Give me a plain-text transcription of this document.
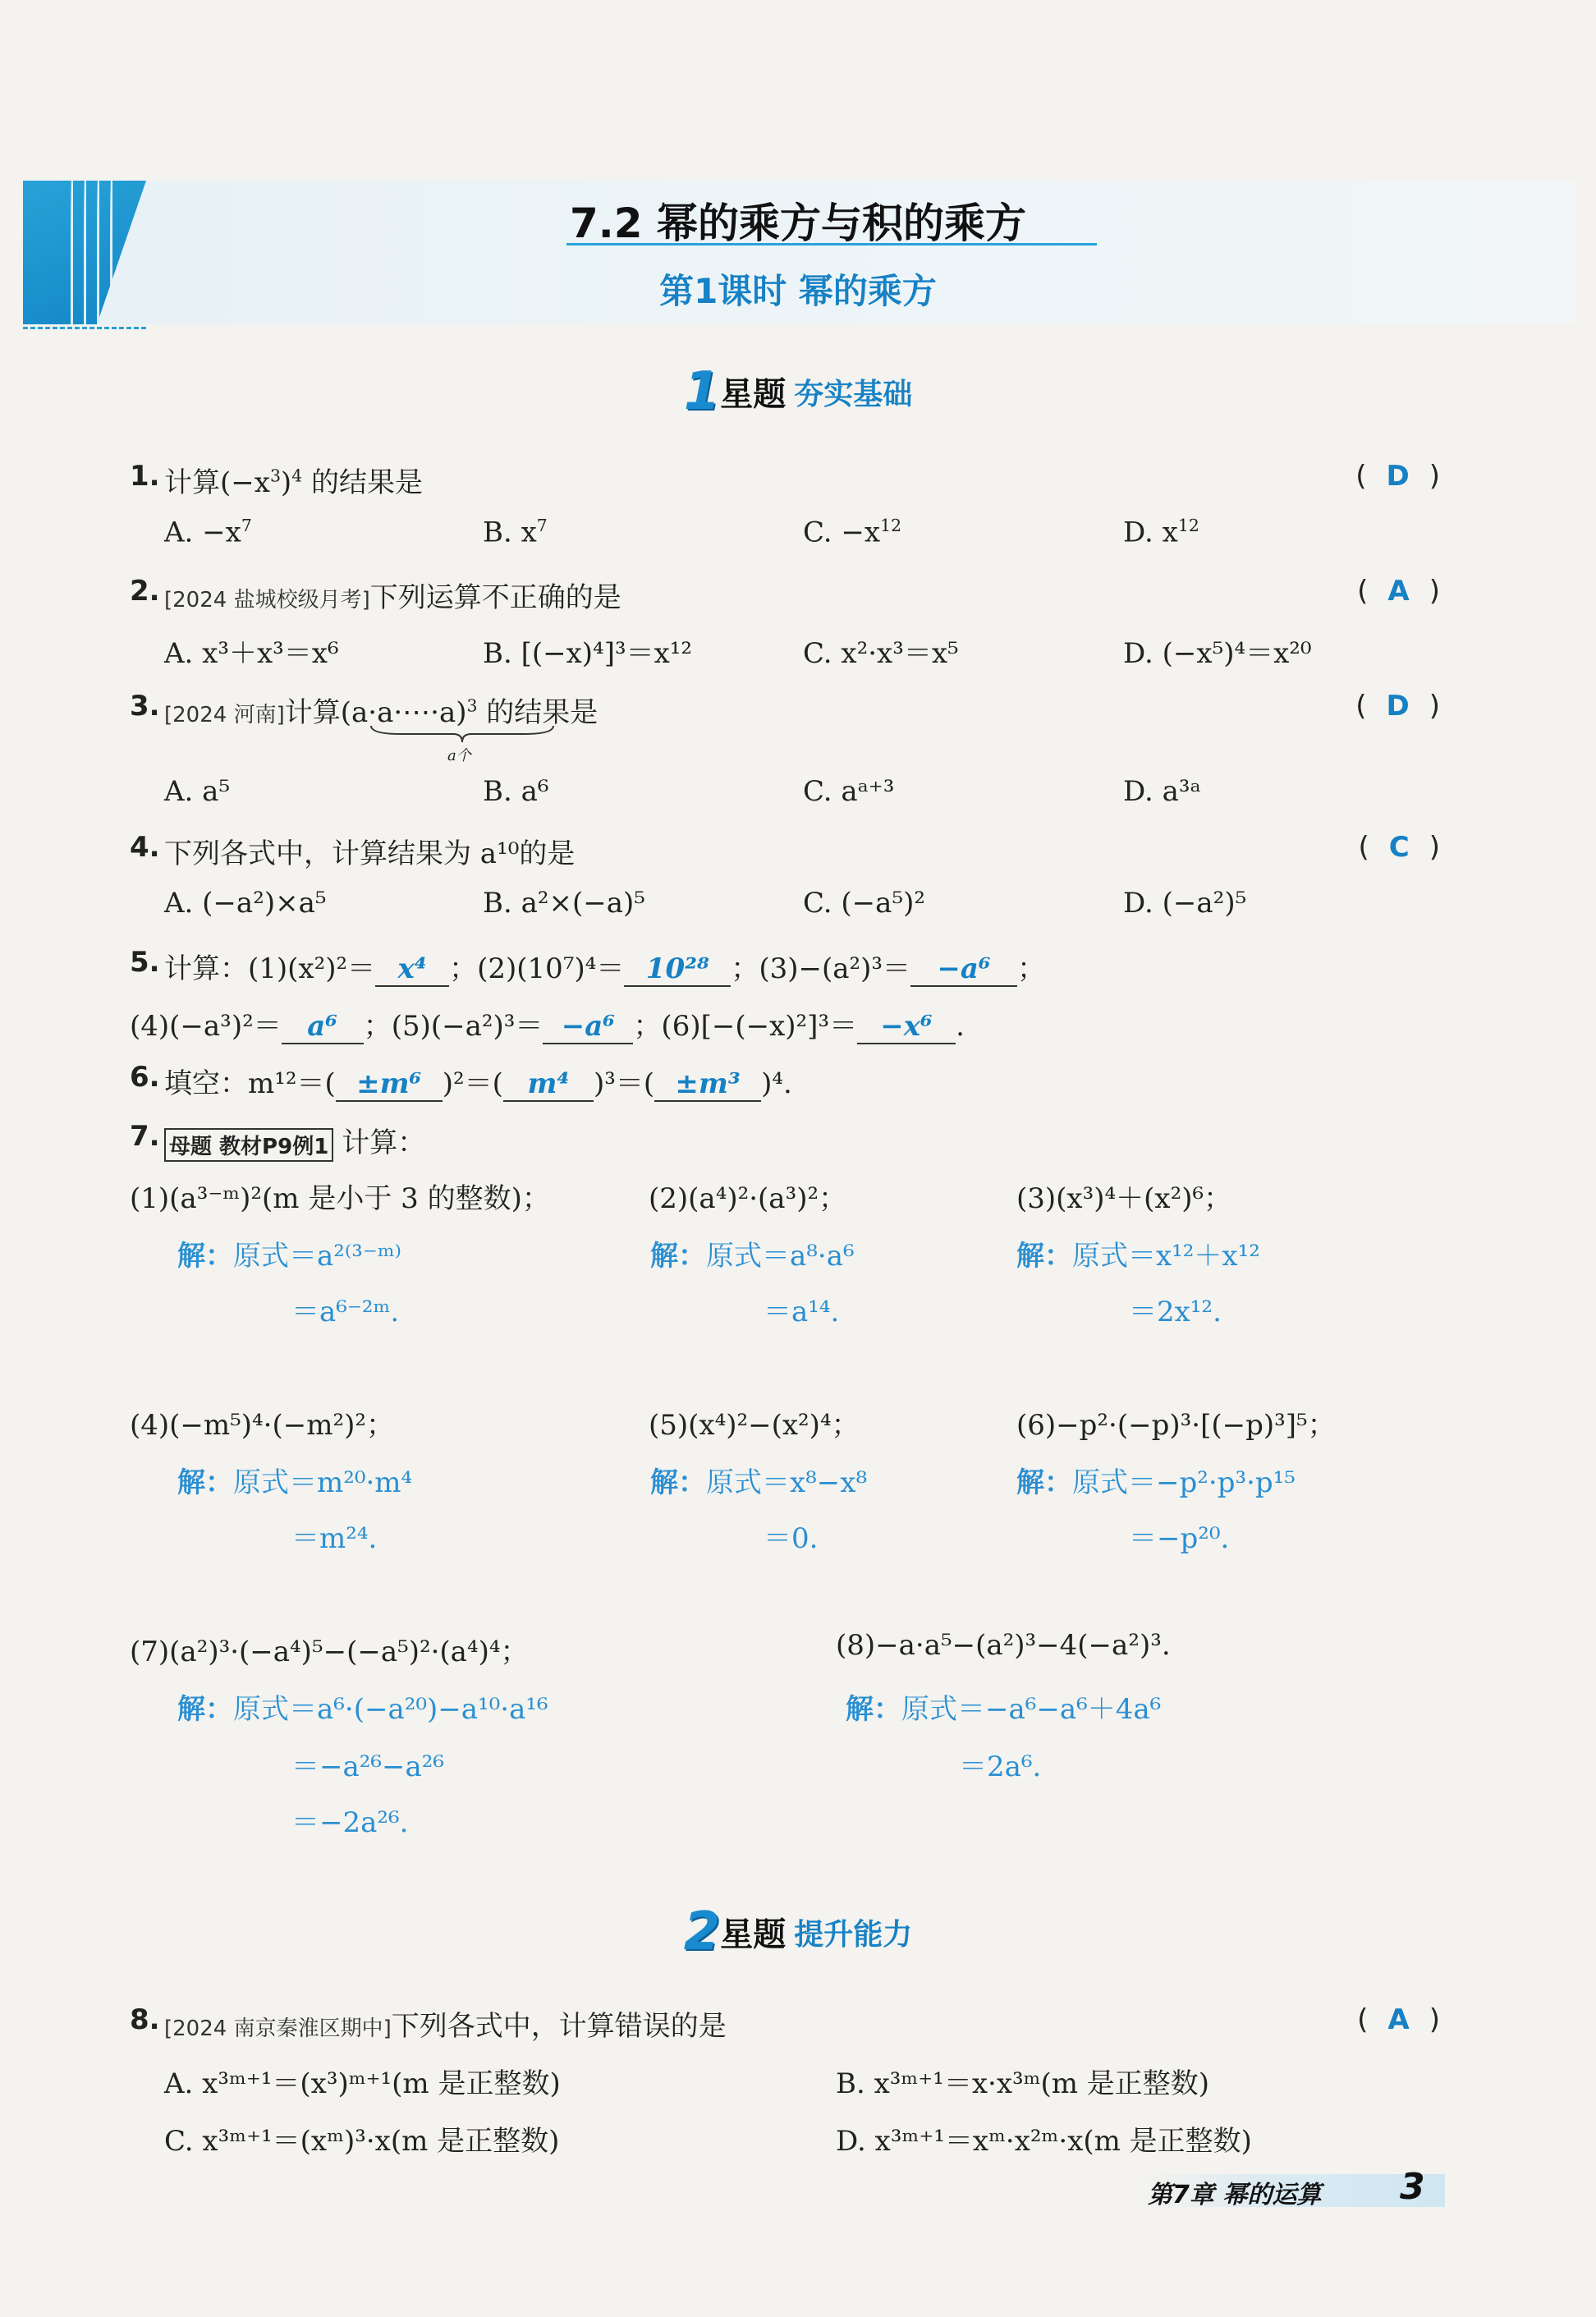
7.2 幂的乘方与积的乘方
第1课时 幂的乘方
1星题 夯实基础
1. 计算$(-x^3)^4$ 的结果是	( D )
A. $-x^7$	B. $x^7$	C. $-x^{12}$	D. $x^{12}$
2. [2024 盐城校级月考]下列运算不正确的是	( A )
A. x³＋x³＝x⁶	B. [(−x)⁴]³＝x¹²	C. x²·x³＝x⁵	D. (−x⁵)⁴＝x²⁰
3. [2024 河南]计算(a·a·⋯·a)$^3$ 的结果是	( D )
a个
A. a⁵	B. a⁶	C. aᵃ⁺³	D. a³ᵃ
4. 下列各式中，计算结果为 a¹⁰的是	( C )
A. (−a²)×a⁵	B. a²×(−a)⁵	C. (−a⁵)²	D. (−a²)⁵
5. 计算：(1)(x²)²＝ x⁴ ；(2)(10⁷)⁴＝ 10²⁸ ；(3)−(a²)³＝ −a⁶ ；
(4)(−a³)²＝ a⁶ ；(5)(−a²)³＝ −a⁶ ；(6)[−(−x)²]³＝ −x⁶ .
6. 填空：m¹²＝( ±m⁶ )²＝( m⁴ )³＝( ±m³ )⁴.
7. 母题 教材P9例1 计算：
(1)(a³⁻ᵐ)²(m 是小于 3 的整数)；	(2)(a⁴)²·(a³)²；	(3)(x³)⁴＋(x²)⁶；
解：原式＝a²⁽³⁻ᵐ⁾	解：原式＝a⁸·a⁶	解：原式＝x¹²＋x¹²
＝a⁶⁻²ᵐ.	＝a¹⁴.	＝2x¹².
(4)(−m⁵)⁴·(−m²)²；	(5)(x⁴)²−(x²)⁴；	(6)−p²·(−p)³·[(−p)³]⁵；
解：原式＝m²⁰·m⁴	解：原式＝x⁸−x⁸	解：原式＝−p²·p³·p¹⁵
＝m²⁴.	＝0.	＝−p²⁰.
(7)(a²)³·(−a⁴)⁵−(−a⁵)²·(a⁴)⁴；	(8)−a·a⁵−(a²)³−4(−a²)³.
解：原式＝a⁶·(−a²⁰)−a¹⁰·a¹⁶	解：原式＝−a⁶−a⁶＋4a⁶
＝−a²⁶−a²⁶	＝2a⁶.
＝−2a²⁶.
2星题 提升能力
8. [2024 南京秦淮区期中]下列各式中，计算错误的是	( A )
A. x³ᵐ⁺¹＝(x³)ᵐ⁺¹(m 是正整数)	B. x³ᵐ⁺¹＝x·x³ᵐ(m 是正整数)
C. x³ᵐ⁺¹＝(xᵐ)³·x(m 是正整数)	D. x³ᵐ⁺¹＝xᵐ·x²ᵐ·x(m 是正整数)
第7章 幂的运算 3
